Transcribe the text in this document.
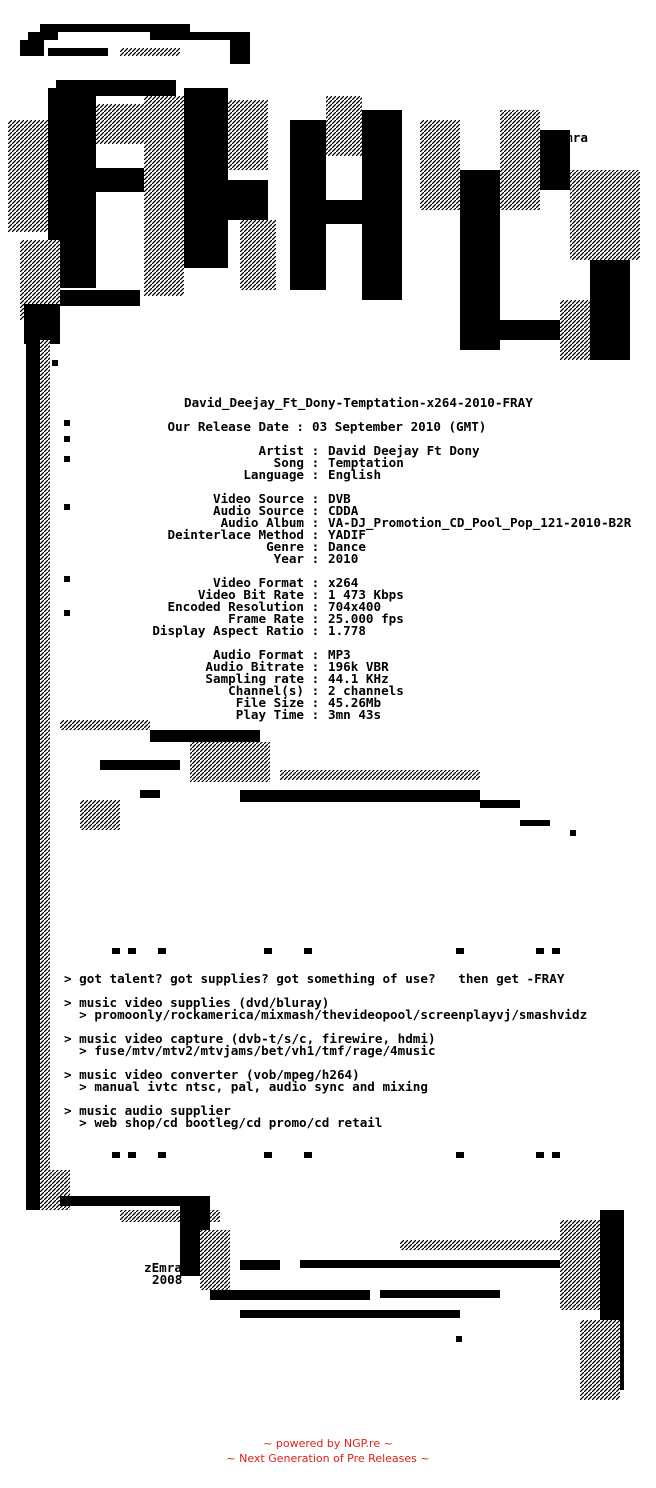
zEmra
David_Deejay_Ft_Dony-Temptation-x264-2010-FRAY
Our Release Date : 03 September 2010 (GMT)
Artist : David Deejay Ft Dony
Song : Temptation
Language : English
Video Source : DVB
Audio Source : CDDA
Audio Album : VA-DJ_Promotion_CD_Pool_Pop_121-2010-B2R
Deinterlace Method : YADIF
Genre : Dance
Year : 2010
Video Format : x264
Video Bit Rate : 1 473 Kbps
Encoded Resolution : 704x400
Frame Rate : 25.000 fps
Display Aspect Ratio : 1.778
Audio Format : MP3
Audio Bitrate : 196k VBR
Sampling rate : 44.1 KHz
Channel(s) : 2 channels
File Size : 45.26Mb
Play Time : 3mn 43s
> got talent? got supplies? got something of use?   then get -FRAY
> music video supplies (dvd/bluray)
> promoonly/rockamerica/mixmash/thevideopool/screenplayvj/smashvidz
> music video capture (dvb-t/s/c, firewire, hdmi)
> fuse/mtv/mtv2/mtvjams/bet/vh1/tmf/rage/4music
> music video converter (vob/mpeg/h264)
> manual ivtc ntsc, pal, audio sync and mixing
> music audio supplier
> web shop/cd bootleg/cd promo/cd retail
zEmra
2008
~ powered by NGP.re ~
~ Next Generation of Pre Releases ~
